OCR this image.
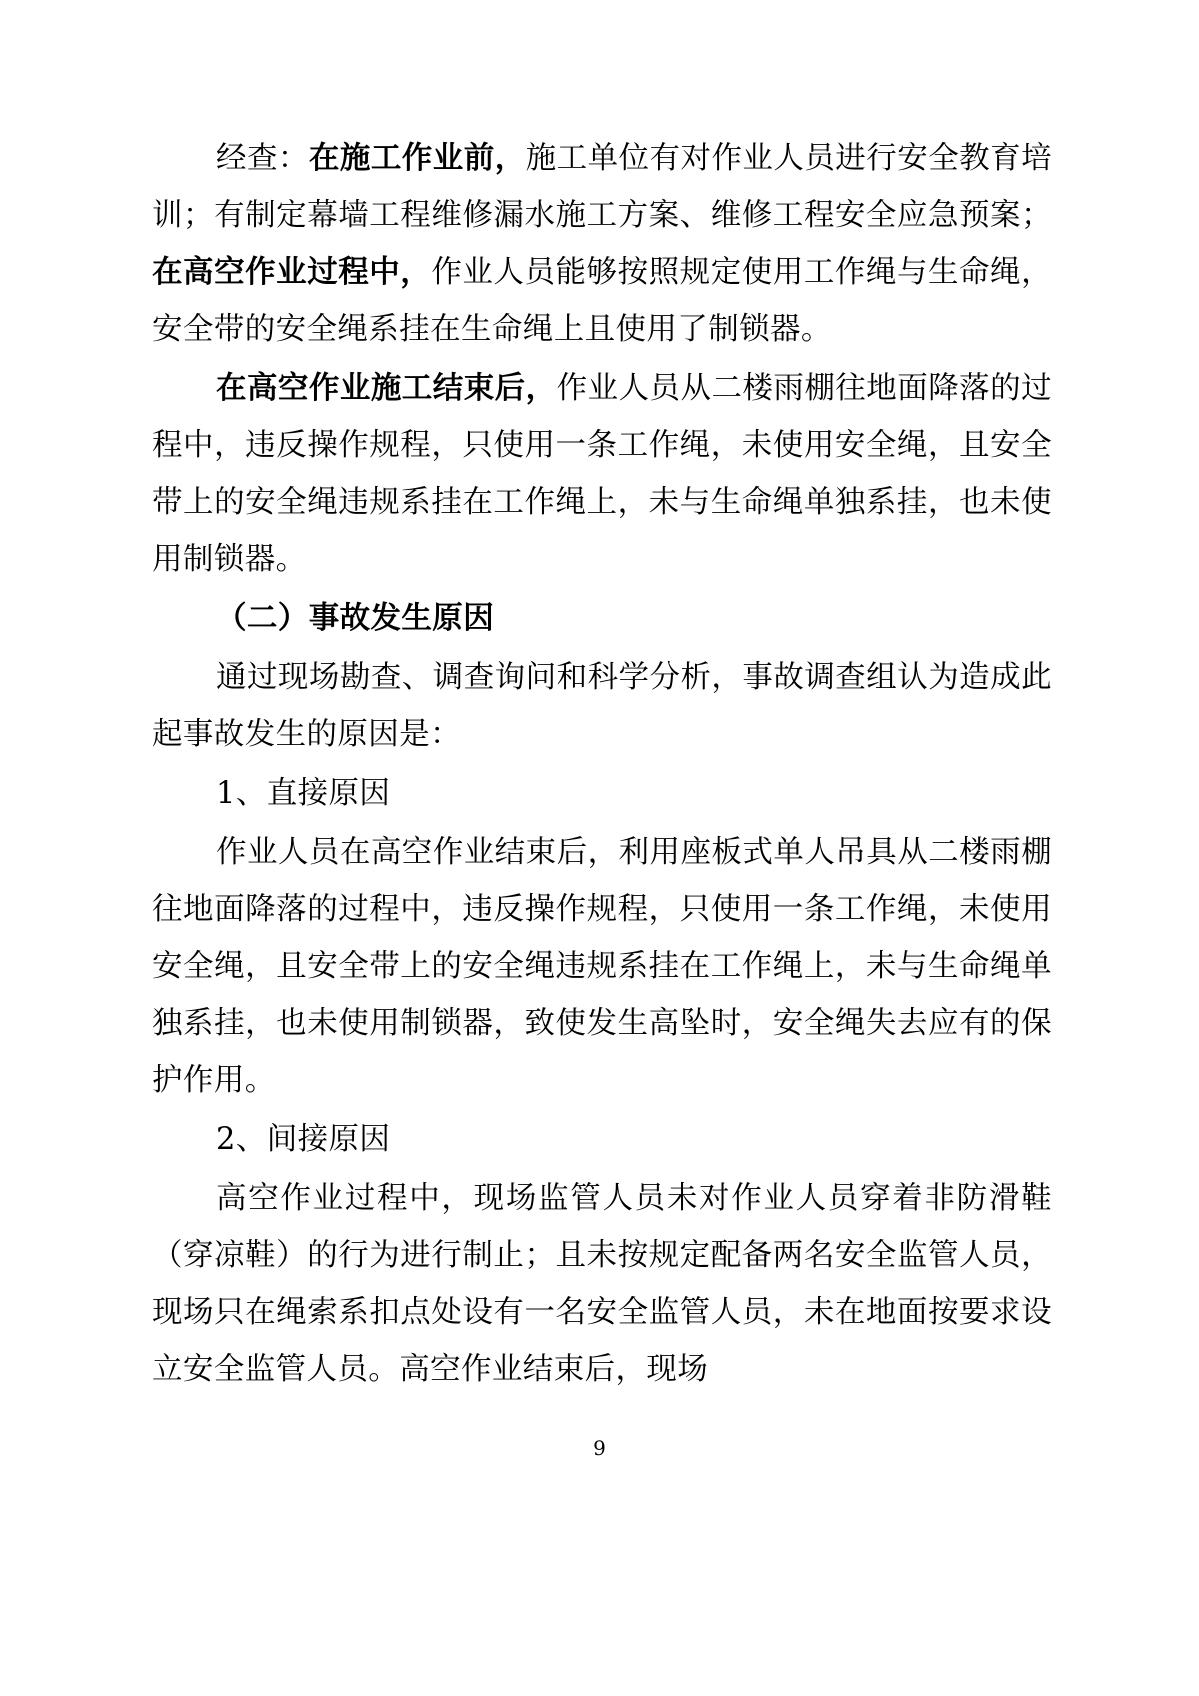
经查：在施工作业前，施工单位有对作业人员进行安全教育培训；有制定幕墙工程维修漏水施工方案、维修工程安全应急预案；在高空作业过程中，作业人员能够按照规定使用工作绳与生命绳，安全带的安全绳系挂在生命绳上且使用了制锁器。

在高空作业施工结束后，作业人员从二楼雨棚往地面降落的过程中，违反操作规程，只使用一条工作绳，未使用安全绳，且安全带上的安全绳违规系挂在工作绳上，未与生命绳单独系挂，也未使用制锁器。

（二）事故发生原因

通过现场勘查、调查询问和科学分析，事故调查组认为造成此起事故发生的原因是：

1、直接原因

作业人员在高空作业结束后，利用座板式单人吊具从二楼雨棚往地面降落的过程中，违反操作规程，只使用一条工作绳，未使用安全绳，且安全带上的安全绳违规系挂在工作绳上，未与生命绳单独系挂，也未使用制锁器，致使发生高坠时，安全绳失去应有的保护作用。

2、间接原因

高空作业过程中，现场监管人员未对作业人员穿着非防滑鞋（穿凉鞋）的行为进行制止；且未按规定配备两名安全监管人员，现场只在绳索系扣点处设有一名安全监管人员，未在地面按要求设立安全监管人员。高空作业结束后，现场

9
